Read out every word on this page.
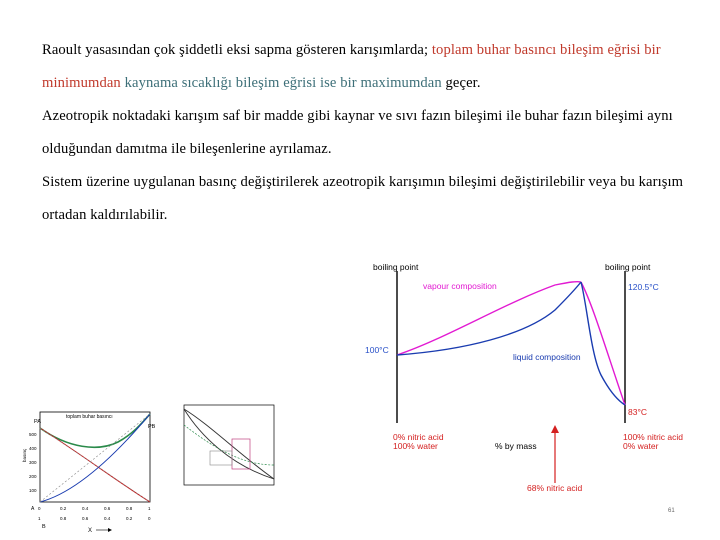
Raoult yasasından çok şiddetli eksi sapma gösteren karışımlarda; toplam buhar basıncı bileşim eğrisi bir minimumdan kaynama sıcaklığı bileşim eğrisi ise bir maximumdan geçer.

Azeotropik noktadaki karışım saf bir madde gibi kaynar ve sıvı fazın bileşimi ile buhar fazın bileşimi aynı olduğundan damıtma ile bileşenlerine ayrılamaz.

Sistem üzerine uygulanan basınç değiştirilerek azeotropik karışımın bileşimi değiştirilebilir veya bu karışım ortadan kaldırılabilir.

boiling point	boiling point
vapour composition
liquid composition
120.5°C
100°C
83°C
0% nitric acid
100% water	% by mass
100% nitric acid
0% water
68% nitric acid
toplam buhar basıncı
PA
PB
basınç
500
400
300
200
100
0	0.2	0.4	0.6	0.8	1
1	0.8	0.6	0.4	0.2	0
A
B
X
61
